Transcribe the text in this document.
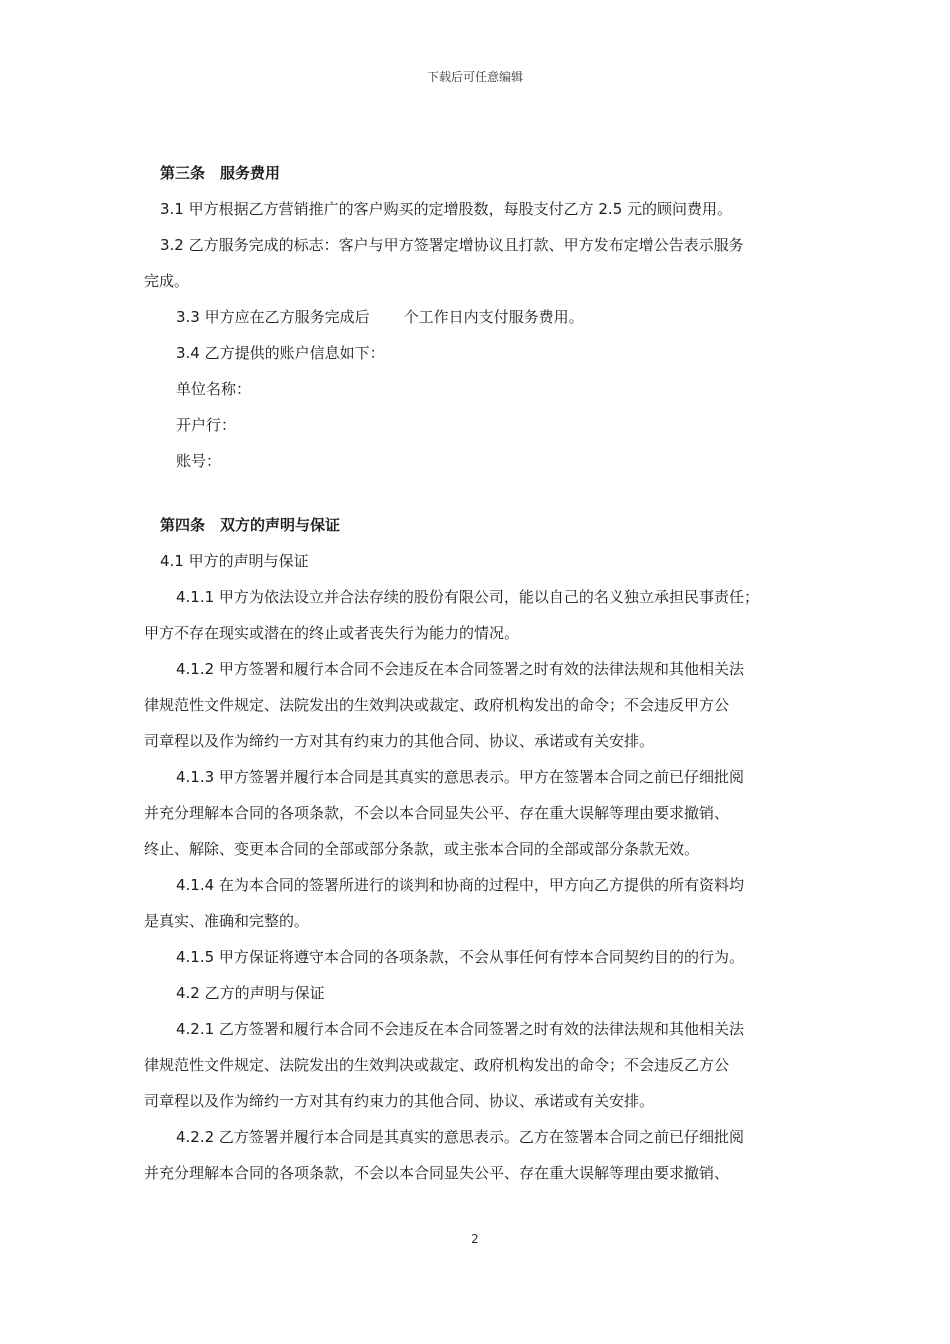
下载后可任意编辑
第三条　服务费用
3.1 甲方根据乙方营销推广的客户购买的定增股数，每股支付乙方 2.5 元的顾问费用。
3.2 乙方服务完成的标志：客户与甲方签署定增协议且打款、甲方发布定增公告表示服务
完成。
3.3 甲方应在乙方服务完成后 个工作日内支付服务费用。
3.4 乙方提供的账户信息如下：
单位名称：
开户行：
账号：
第四条　双方的声明与保证
4.1 甲方的声明与保证
4.1.1 甲方为依法设立并合法存续的股份有限公司，能以自己的名义独立承担民事责任；
甲方不存在现实或潜在的终止或者丧失行为能力的情况。
4.1.2 甲方签署和履行本合同不会违反在本合同签署之时有效的法律法规和其他相关法
律规范性文件规定、法院发出的生效判决或裁定、政府机构发出的命令；不会违反甲方公
司章程以及作为缔约一方对其有约束力的其他合同、协议、承诺或有关安排。
4.1.3 甲方签署并履行本合同是其真实的意思表示。甲方在签署本合同之前已仔细批阅
并充分理解本合同的各项条款，不会以本合同显失公平、存在重大误解等理由要求撤销、
终止、解除、变更本合同的全部或部分条款，或主张本合同的全部或部分条款无效。
4.1.4 在为本合同的签署所进行的谈判和协商的过程中，甲方向乙方提供的所有资料均
是真实、准确和完整的。
4.1.5 甲方保证将遵守本合同的各项条款，不会从事任何有悖本合同契约目的的行为。
4.2 乙方的声明与保证
4.2.1 乙方签署和履行本合同不会违反在本合同签署之时有效的法律法规和其他相关法
律规范性文件规定、法院发出的生效判决或裁定、政府机构发出的命令；不会违反乙方公
司章程以及作为缔约一方对其有约束力的其他合同、协议、承诺或有关安排。
4.2.2 乙方签署并履行本合同是其真实的意思表示。乙方在签署本合同之前已仔细批阅
并充分理解本合同的各项条款，不会以本合同显失公平、存在重大误解等理由要求撤销、
2
